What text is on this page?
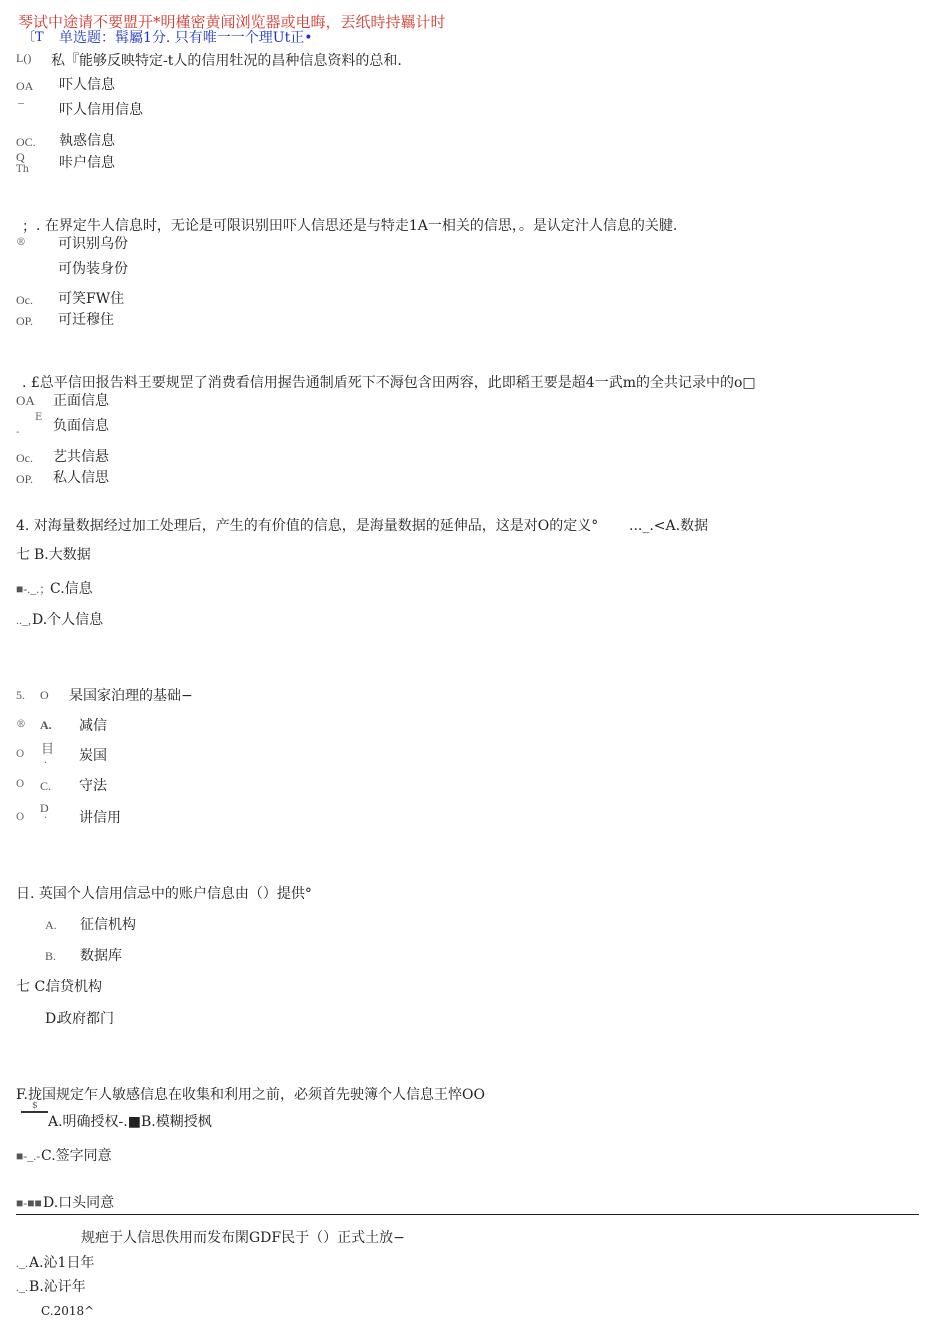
琴试中途请不要盟开*明槿密黄闻浏览器或电晦，丟纸時持羈计时
〔T 单选题：髯屬1分. 只有唯一一个理Ut正•
L() 私『能够反映特定-t人的信用牡况的昌种信息资料的总和.
OA 吓人信息
–	吓人信用信息
OC. 執惑信息
Q 咔户信息
Th
； . 在界定牛人信息时，无论是可限识别田吓人信思还是与特走1A一相关的信思，。是认定汁人信息的关腱.
® 可识别乌份
可伪装身份
Oc. 可笑FW住
OP. 可迁穆住
. £总平信田报告料王要规罡了消费看信用握告通制盾死下不溽包含田两容，此即稻王要是超4一武m的全共记录中的o□
OA 正面信息
E
- 负面信息
Oc. 艺共信悬
OP. 私人信思
4. 对海量数据经过加工处理后，产生的有价值的信息，是海量数据的延伸品，这是对O的定义° ..._.<A.数据
七 B.大数据
■-._.；
C.信息
.._, D.个人信息
5. O 杲国家泊理的基础−
® A. 减信
O 目
· 炭国
O C. 守法
O
D
· 讲信用
日. 英国个人信用信忌中的账户信息由（）提供°
A. 征信机构
B. 数据库
七 C.
信贷机构
D.
政府都门
F.拢国规定乍人敏感信息在收集和利用之前，必须首先驶簿个人信息王悴OO
$
A.明确授权-.■B.模糊授枫
■-_.- C.签字同意
■-■■ D.口头同意
规疤于人信思佚用而发布閑GDF民于（）正式土放−
._. A.沁1日年
._. B.沁讦年
C.2018^
